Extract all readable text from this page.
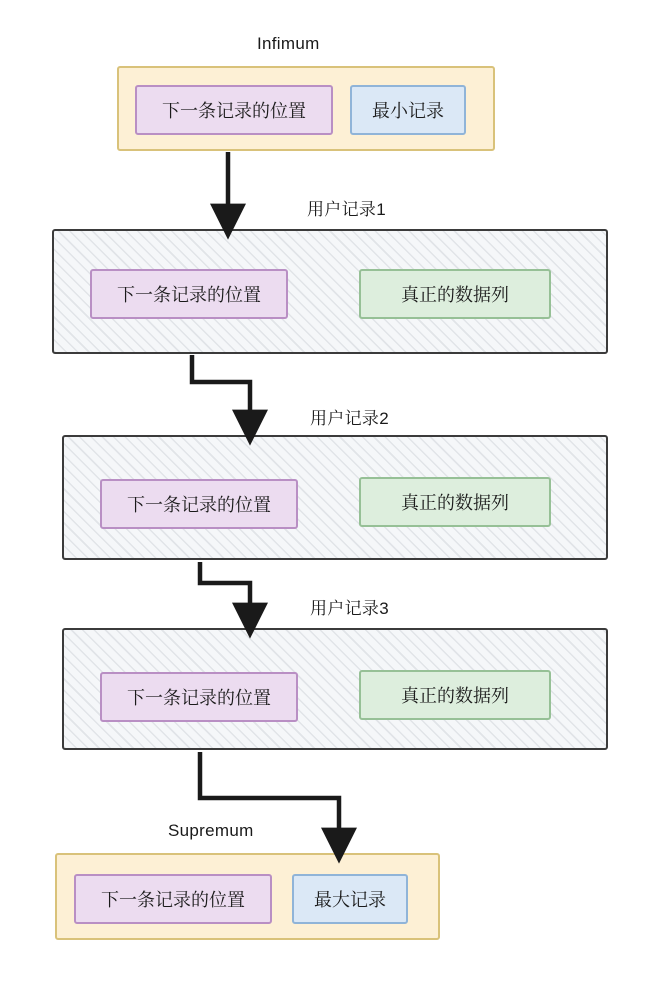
Infimum
下一条记录的位置	最小记录
用户记录1
下一条记录的位置	真正的数据列
用户记录2
下一条记录的位置	真正的数据列
用户记录3
下一条记录的位置	真正的数据列
Supremum
下一条记录的位置	最大记录
